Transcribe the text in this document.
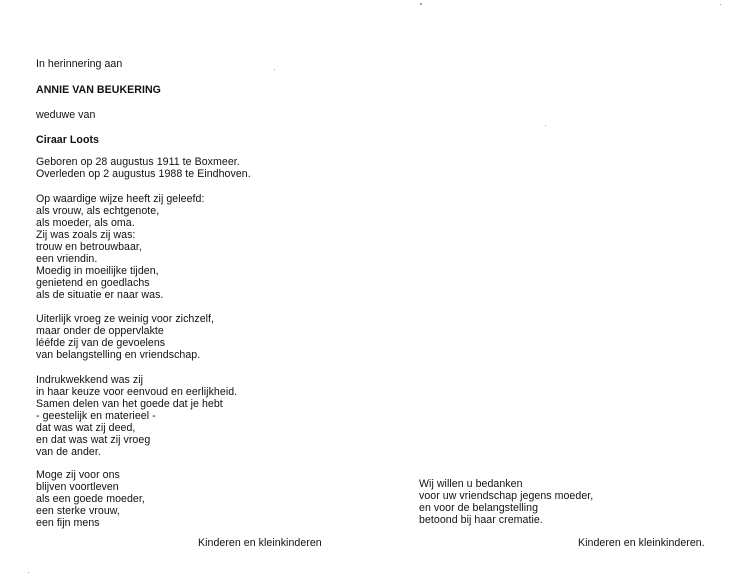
In herinnering aan
ANNIE VAN BEUKERING
weduwe van
Ciraar Loots
Geboren op 28 augustus 1911 te Boxmeer.
Overleden op 2 augustus 1988 te Eindhoven.
Op waardige wijze heeft zij geleefd:
als vrouw, als echtgenote,
als moeder, als oma.
Zij was zoals zij was:
trouw en betrouwbaar,
een vriendin.
Moedig in moeilijke tijden,
genietend en goedlachs
als de situatie er naar was.
Uiterlijk vroeg ze weinig voor zichzelf,
maar onder de oppervlakte
lééfde zij van de gevoelens
van belangstelling en vriendschap.
Indrukwekkend was zij
in haar keuze voor eenvoud en eerlijkheid.
Samen delen van het goede dat je hebt
- geestelijk en materieel -
dat was wat zij deed,
en dat was wat zij vroeg
van de ander.
Moge zij voor ons
blijven voortleven
als een goede moeder,
een sterke vrouw,
een fijn mens
Kinderen en kleinkinderen
Wij willen u bedanken
voor uw vriendschap jegens moeder,
en voor de belangstelling
betoond bij haar crematie.
Kinderen en kleinkinderen.
